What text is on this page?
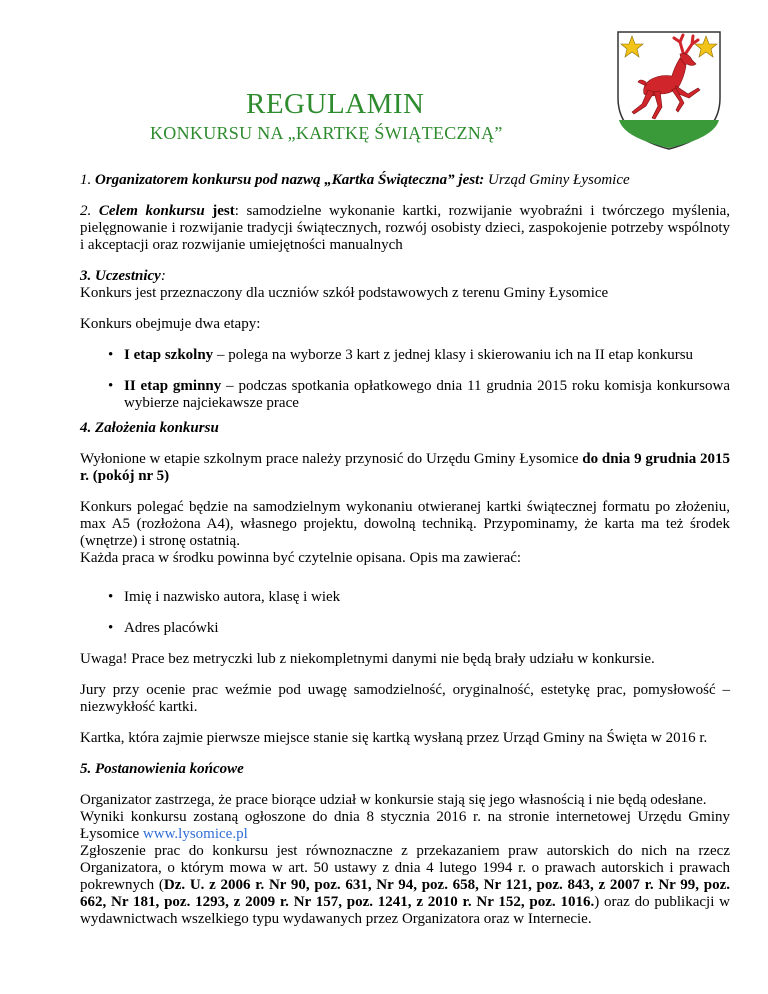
REGULAMIN
KONKURSU NA „KARTKĘ ŚWIĄTECZNĄ”

1. Organizatorem konkursu pod nazwą „Kartka Świąteczna” jest: Urząd Gminy Łysomice

2. Celem konkursu jest: samodzielne wykonanie kartki, rozwijanie wyobraźni i twórczego myślenia, pielęgnowanie i rozwijanie tradycji świątecznych, rozwój osobisty dzieci, zaspokojenie potrzeby wspólnoty i akceptacji oraz rozwijanie umiejętności manualnych

3. Uczestnicy:

Konkurs jest przeznaczony dla uczniów szkół podstawowych z terenu Gminy Łysomice

Konkurs obejmuje dwa etapy:

• I etap szkolny – polega na wyborze 3 kart z jednej klasy i skierowaniu ich na II etap konkursu
• II etap gminny – podczas spotkania opłatkowego dnia 11 grudnia 2015 roku komisja konkursowa wybierze najciekawsze prace

4. Założenia konkursu

Wyłonione w etapie szkolnym prace należy przynosić do Urzędu Gminy Łysomice do dnia 9 grudnia 2015 r. (pokój nr 5)

Konkurs polegać będzie na samodzielnym wykonaniu otwieranej kartki świątecznej formatu po złożeniu, max A5 (rozłożona A4), własnego projektu, dowolną techniką. Przypominamy, że karta ma też środek (wnętrze) i stronę ostatnią.

Każda praca w środku powinna być czytelnie opisana. Opis ma zawierać:

• Imię i nazwisko autora, klasę i wiek
• Adres placówki

Uwaga! Prace bez metryczki lub z niekompletnymi danymi nie będą brały udziału w konkursie.

Jury przy ocenie prac weźmie pod uwagę samodzielność, oryginalność, estetykę prac, pomysłowość – niezwykłość kartki.

Kartka, która zajmie pierwsze miejsce stanie się kartką wysłaną przez Urząd Gminy na Święta w 2016 r.

5. Postanowienia końcowe

Organizator zastrzega, że prace biorące udział w konkursie stają się jego własnością i nie będą odesłane.

Wyniki konkursu zostaną ogłoszone do dnia 8 stycznia 2016 r. na stronie internetowej Urzędu Gminy Łysomice www.lysomice.pl

Zgłoszenie prac do konkursu jest równoznaczne z przekazaniem praw autorskich do nich na rzecz Organizatora, o którym mowa w art. 50 ustawy z dnia 4 lutego 1994 r. o prawach autorskich i prawach pokrewnych (Dz. U. z 2006 r. Nr 90, poz. 631, Nr 94, poz. 658, Nr 121, poz. 843, z 2007 r. Nr 99, poz. 662, Nr 181, poz. 1293, z 2009 r. Nr 157, poz. 1241, z 2010 r. Nr 152, poz. 1016.) oraz do publikacji w wydawnictwach wszelkiego typu wydawanych przez Organizatora oraz w Internecie.
